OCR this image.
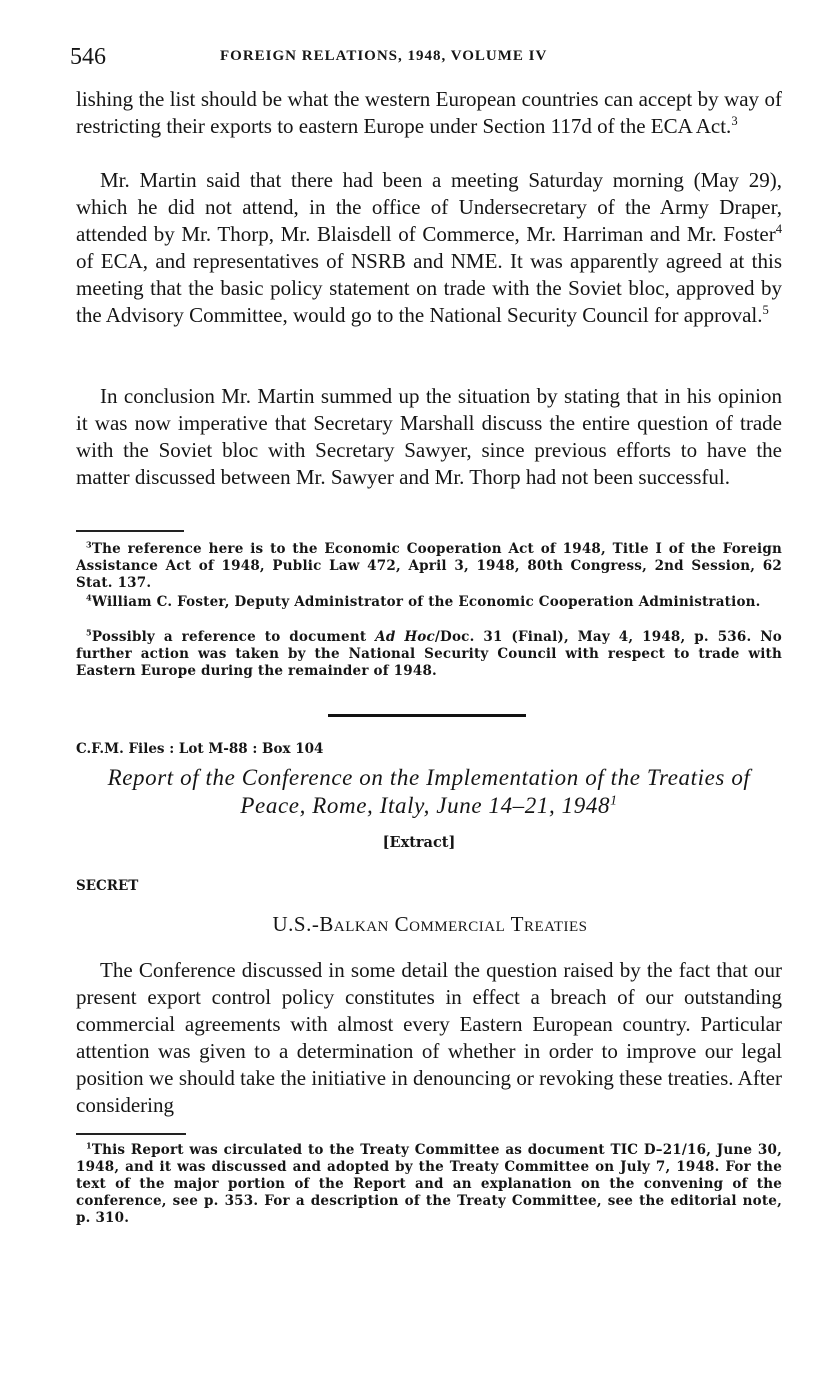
546	FOREIGN RELATIONS, 1948, VOLUME IV

lishing the list should be what the western European countries can accept by way of restricting their exports to eastern Europe under Section 117d of the ECA Act.$^3$

Mr. Martin said that there had been a meeting Saturday morning (May 29), which he did not attend, in the office of Undersecretary of the Army Draper, attended by Mr. Thorp, Mr. Blaisdell of Commerce, Mr. Harriman and Mr. Foster$^4$ of ECA, and representatives of NSRB and NME. It was apparently agreed at this meeting that the basic policy statement on trade with the Soviet bloc, approved by the Advisory Committee, would go to the National Security Council for approval.$^5$

In conclusion Mr. Martin summed up the situation by stating that in his opinion it was now imperative that Secretary Marshall discuss the entire question of trade with the Soviet bloc with Secretary Sawyer, since previous efforts to have the matter discussed between Mr. Sawyer and Mr. Thorp had not been successful.

$^3$The reference here is to the Economic Cooperation Act of 1948, Title I of the Foreign Assistance Act of 1948, Public Law 472, April 3, 1948, 80th Congress, 2nd Session, 62 Stat. 137.

$^4$William C. Foster, Deputy Administrator of the Economic Cooperation Administration.

$^5$Possibly a reference to document Ad Hoc/Doc. 31 (Final), May 4, 1948, p. 536. No further action was taken by the National Security Council with respect to trade with Eastern Europe during the remainder of 1948.

C.F.M. Files : Lot M-88 : Box 104
Report of the Conference on the Implementation of the Treaties of Peace, Rome, Italy, June 14–21, 1948$^1$
[Extract]
SECRET
U.S.-Balkan Commercial Treaties

The Conference discussed in some detail the question raised by the fact that our present export control policy constitutes in effect a breach of our outstanding commercial agreements with almost every Eastern European country. Particular attention was given to a determination of whether in order to improve our legal position we should take the initiative in denouncing or revoking these treaties. After considering

$^1$This Report was circulated to the Treaty Committee as document TIC D–21/16, June 30, 1948, and it was discussed and adopted by the Treaty Committee on July 7, 1948. For the text of the major portion of the Report and an explanation on the convening of the conference, see p. 353. For a description of the Treaty Committee, see the editorial note, p. 310.
